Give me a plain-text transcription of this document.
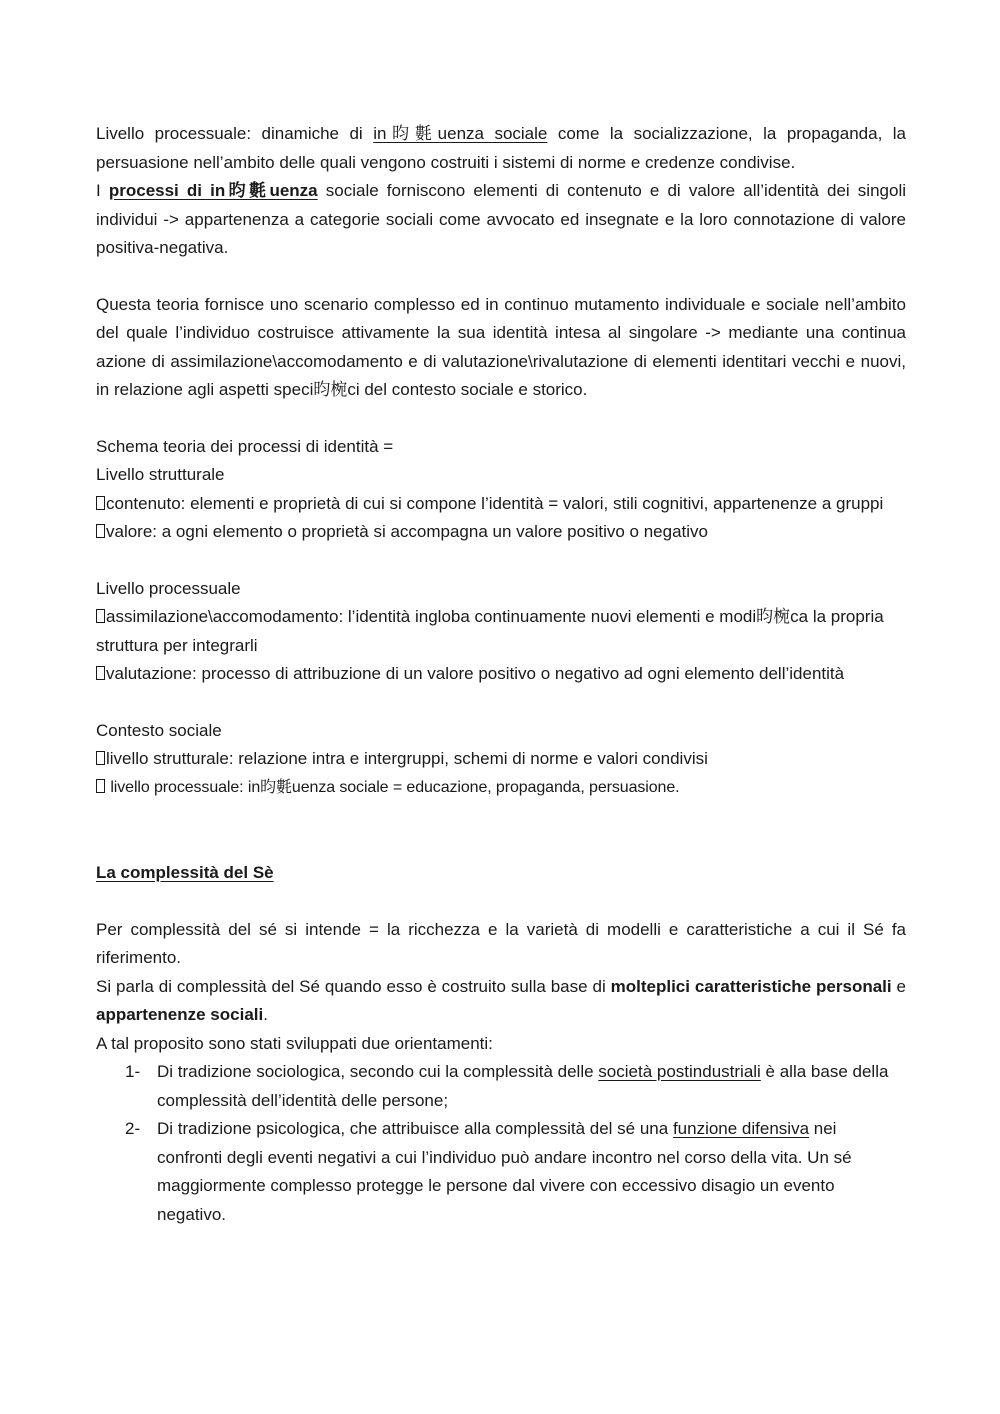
Livello processuale: dinamiche di in昀氀uenza sociale come la socializzazione, la propaganda, la persuasione nell’ambito delle quali vengono costruiti i sistemi di norme e credenze condivise.

I processi di in昀氀uenza sociale forniscono elementi di contenuto e di valore all’identità dei singoli individui -> appartenenza a categorie sociali come avvocato ed insegnate e la loro connotazione di valore positiva-negativa.

Questa teoria fornisce uno scenario complesso ed in continuo mutamento individuale e sociale nell’ambito del quale l’individuo costruisce attivamente la sua identità intesa al singolare -> mediante una continua azione di assimilazione\accomodamento e di valutazione\rivalutazione di elementi identitari vecchi e nuovi, in relazione agli aspetti speci昀椀ci del contesto sociale e storico.

Schema teoria dei processi di identità =

Livello strutturale

contenuto: elementi e proprietà di cui si compone l’identità = valori, stili cognitivi, appartenenze a gruppi

valore: a ogni elemento o proprietà si accompagna un valore positivo o negativo

Livello processuale

assimilazione\accomodamento: l’identità ingloba continuamente nuovi elementi e modi昀椀ca la propria struttura per integrarli

valutazione: processo di attribuzione di un valore positivo o negativo ad ogni elemento dell’identità

Contesto sociale

livello strutturale: relazione intra e intergruppi, schemi di norme e valori condivisi

livello processuale: in昀氀uenza sociale = educazione, propaganda, persuasione.

La complessità del Sè

Per complessità del sé si intende = la ricchezza e la varietà di modelli e caratteristiche a cui il Sé fa riferimento.

Si parla di complessità del Sé quando esso è costruito sulla base di molteplici caratteristiche personali e appartenenze sociali.

A tal proposito sono stati sviluppati due orientamenti:

1- Di tradizione sociologica, secondo cui la complessità delle società postindustriali è alla base della complessità dell’identità delle persone;
2- Di tradizione psicologica, che attribuisce alla complessità del sé una funzione difensiva nei confronti degli eventi negativi a cui l’individuo può andare incontro nel corso della vita. Un sé maggiormente complesso protegge le persone dal vivere con eccessivo disagio un evento negativo.
